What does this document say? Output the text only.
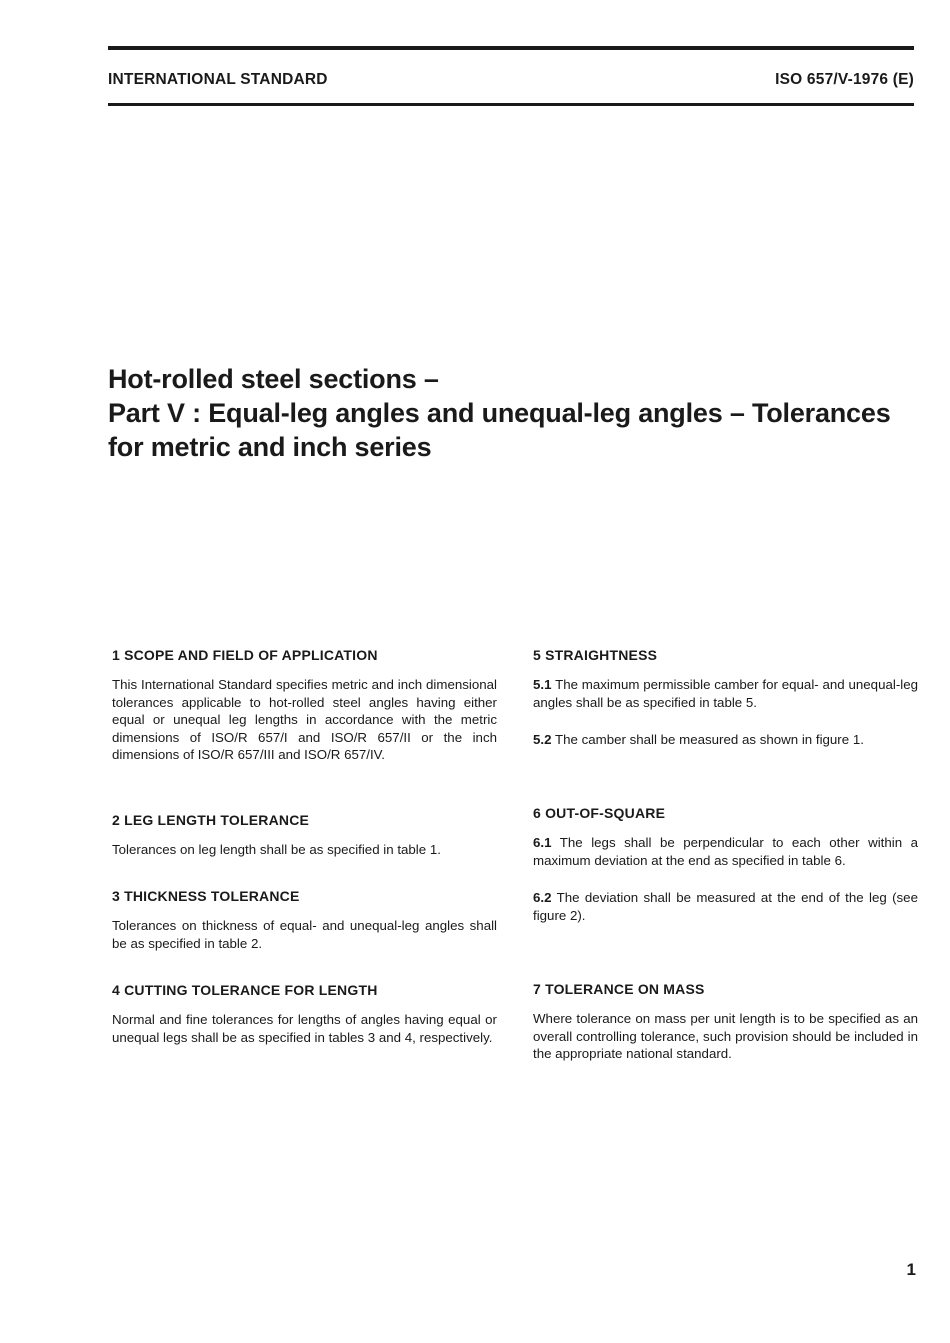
INTERNATIONAL STANDARD	ISO 657/V-1976 (E)
Hot-rolled steel sections –
Part V : Equal-leg angles and unequal-leg angles – Tolerances
for metric and inch series
1 SCOPE AND FIELD OF APPLICATION

This International Standard specifies metric and inch dimensional tolerances applicable to hot-rolled steel angles having either equal or unequal leg lengths in accordance with the metric dimensions of ISO/R 657/I and ISO/R 657/II or the inch dimensions of ISO/R 657/III and ISO/R 657/IV.

2 LEG LENGTH TOLERANCE

Tolerances on leg length shall be as specified in table 1.

3 THICKNESS TOLERANCE

Tolerances on thickness of equal- and unequal-leg angles shall be as specified in table 2.

4 CUTTING TOLERANCE FOR LENGTH

Normal and fine tolerances for lengths of angles having equal or unequal legs shall be as specified in tables 3 and 4, respectively.

5 STRAIGHTNESS

5.1 The maximum permissible camber for equal- and unequal-leg angles shall be as specified in table 5.

5.2 The camber shall be measured as shown in figure 1.

6 OUT-OF-SQUARE

6.1 The legs shall be perpendicular to each other within a maximum deviation at the end as specified in table 6.

6.2 The deviation shall be measured at the end of the leg (see figure 2).

7 TOLERANCE ON MASS

Where tolerance on mass per unit length is to be specified as an overall controlling tolerance, such provision should be included in the appropriate national standard.

1
